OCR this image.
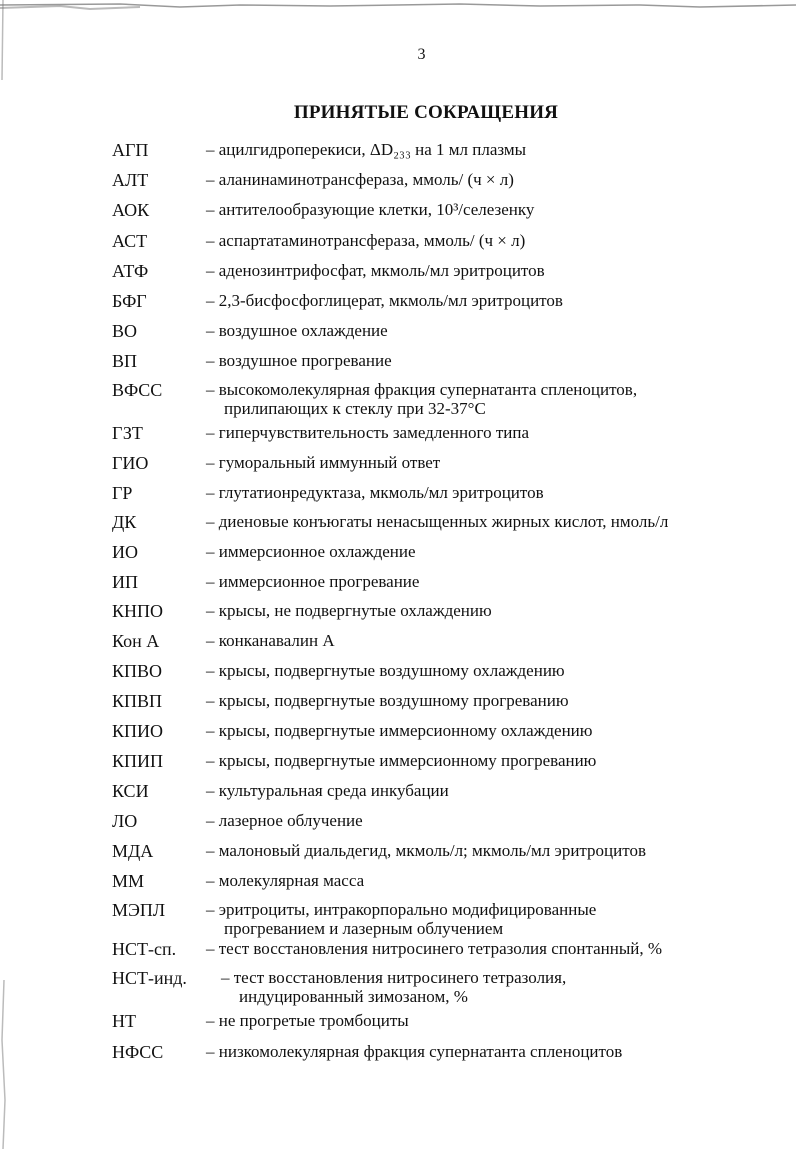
3
ПРИНЯТЫЕ СОКРАЩЕНИЯ
АГП	– ацилгидроперекиси, ΔD₂₃₃ на 1 мл плазмы
АЛТ	– аланинаминотрансфераза, ммоль/ (ч × л)
АОК	– антителообразующие клетки, 10³/селезенку
АСТ	– аспартатаминотрансфераза, ммоль/ (ч × л)
АТФ	– аденозинтрифосфат, мкмоль/мл эритроцитов
БФГ	– 2,3-бисфосфоглицерат, мкмоль/мл эритроцитов
ВО	– воздушное охлаждение
ВП	– воздушное прогревание
ВФСС	– высокомолекулярная фракция супернатанта спленоцитов,
прилипающих к стеклу при 32-37°С
ГЗТ	– гиперчувствительность замедленного типа
ГИО	– гуморальный иммунный ответ
ГР	– глутатионредуктаза, мкмоль/мл эритроцитов
ДК	– диеновые конъюгаты ненасыщенных жирных кислот, нмоль/л
ИО	– иммерсионное охлаждение
ИП	– иммерсионное прогревание
КНПО	– крысы, не подвергнутые охлаждению
Кон А	– конканавалин А
КПВО	– крысы, подвергнутые воздушному охлаждению
КПВП	– крысы, подвергнутые воздушному прогреванию
КПИО	– крысы, подвергнутые иммерсионному охлаждению
КПИП	– крысы, подвергнутые иммерсионному прогреванию
КСИ	– культуральная среда инкубации
ЛО	– лазерное облучение
МДА	– малоновый диальдегид, мкмоль/л; мкмоль/мл эритроцитов
ММ	– молекулярная масса
МЭПЛ – эритроциты, интракорпорально модифицированные
прогреванием и лазерным облучением
НСТ-сп. – тест восстановления нитросинего тетразолия спонтанный, %
НСТ-инд. – тест восстановления нитросинего тетразолия,
индуцированный зимозаном, %
НТ	– не прогретые тромбоциты
НФСС	– низкомолекулярная фракция супернатанта спленоцитов
